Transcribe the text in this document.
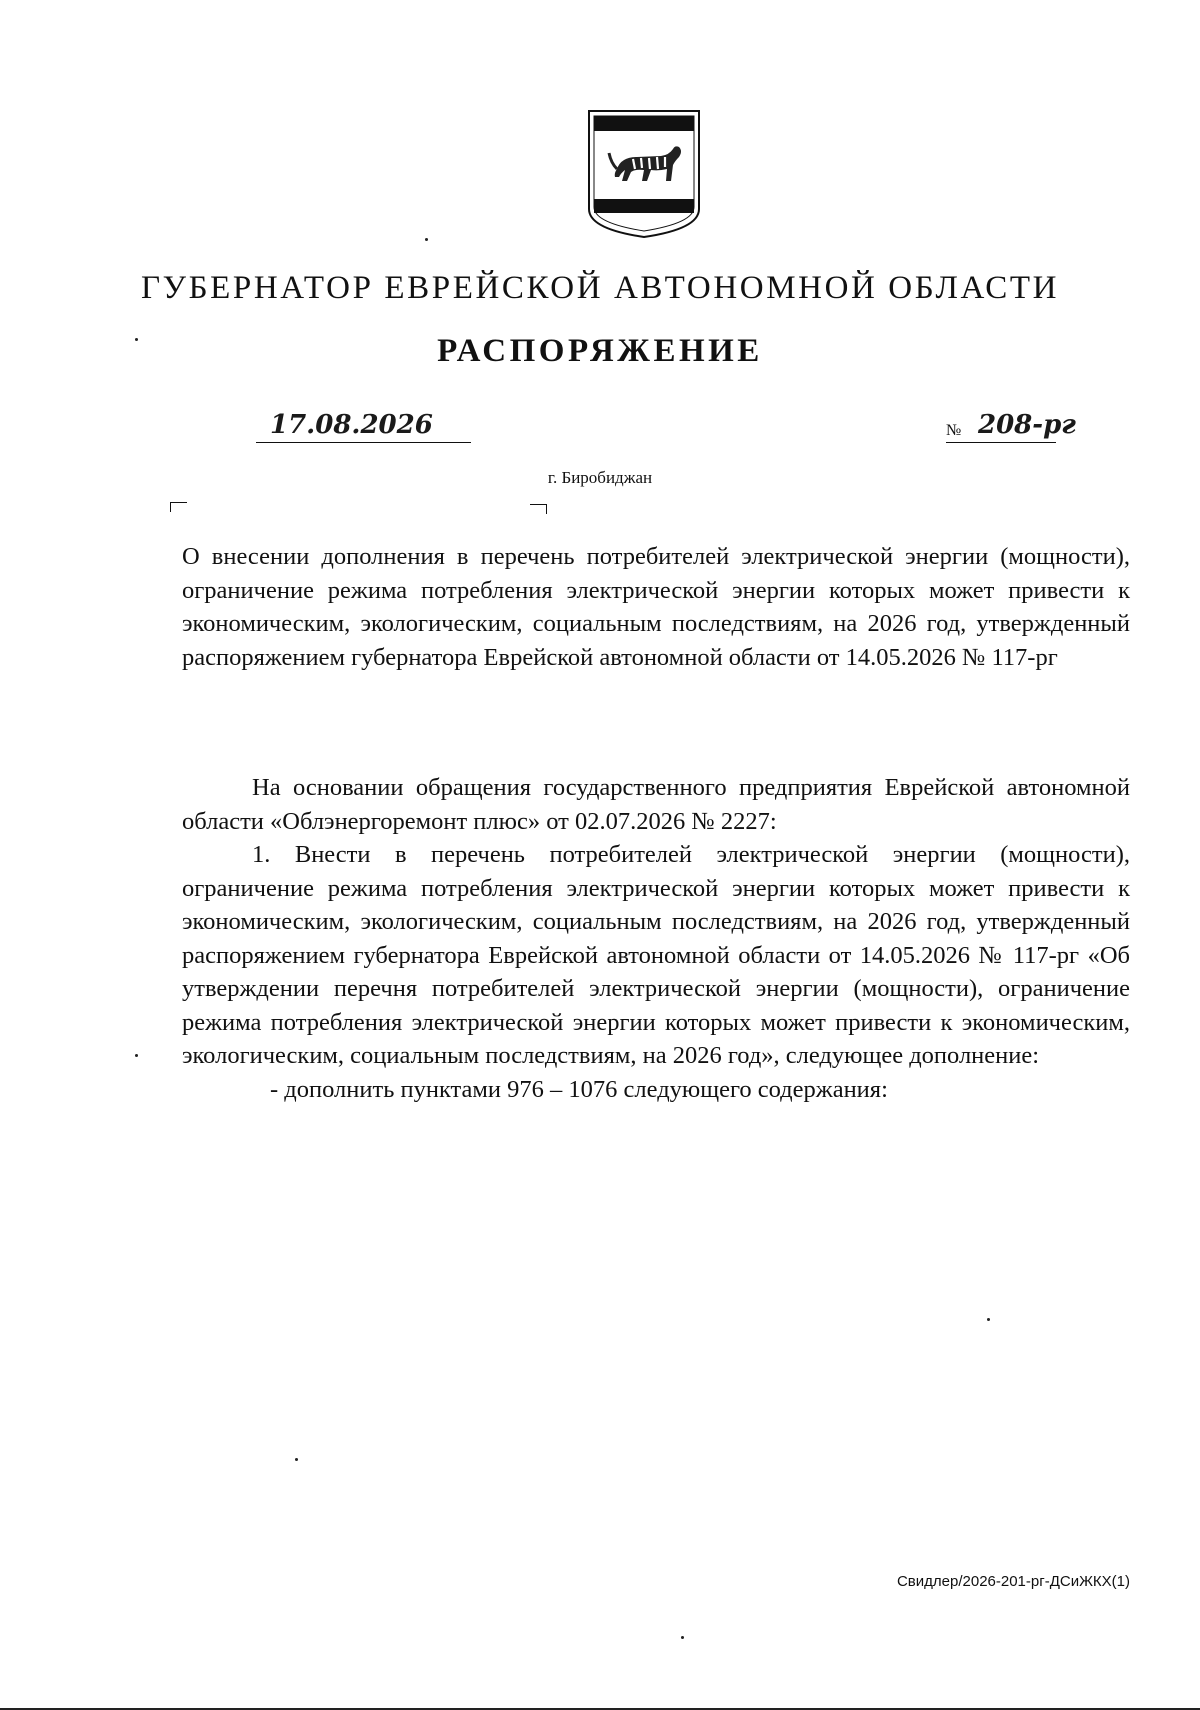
ГУБЕРНАТОР ЕВРЕЙСКОЙ АВТОНОМНОЙ ОБЛАСТИ
РАСПОРЯЖЕНИЕ
17.08.2026	№ 208-рг
г. Биробиджан
О внесении дополнения в перечень потребителей электрической энергии (мощности), ограничение режима потребления электрической энергии которых может привести к экономическим, экологическим, социальным последствиям, на 2026 год, утвержденный распоряжением губернатора Еврейской автономной области от 14.05.2026 № 117-рг

На основании обращения государственного предприятия Еврейской автономной области «Облэнергоремонт плюс» от 02.07.2026 № 2227:

1. Внести в перечень потребителей электрической энергии (мощности), ограничение режима потребления электрической энергии которых может привести к экономическим, экологическим, социальным последствиям, на 2026 год, утвержденный распоряжением губернатора Еврейской автономной области от 14.05.2026 № 117-рг «Об утверждении перечня потребителей электрической энергии (мощности), ограничение режима потребления электрической энергии которых может привести к экономическим, экологическим, социальным последствиям, на 2026 год», следующее дополнение:

- дополнить пунктами 976 – 1076 следующего содержания:

Свидлер/2026-201-рг-ДСиЖКХ(1)
